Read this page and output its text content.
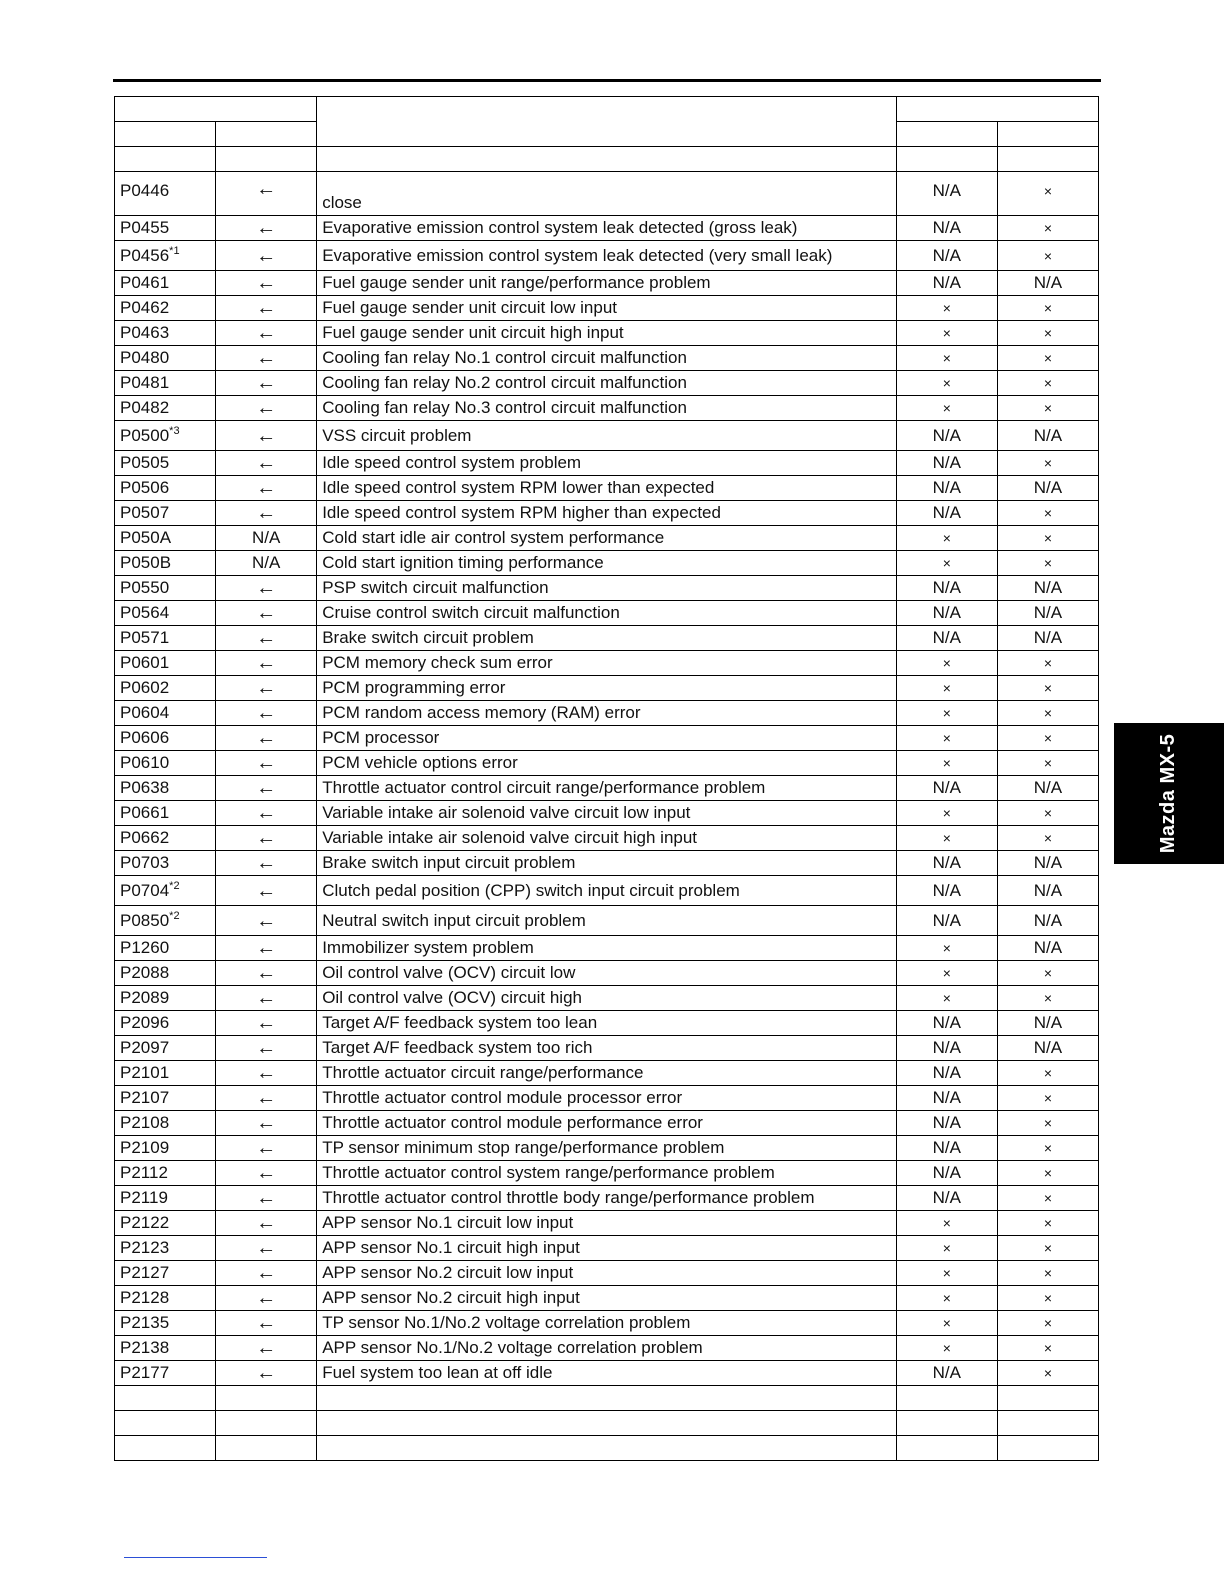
P0446	←	close	N/A	×
P0455	←	Evaporative emission control system leak detected (gross leak)	N/A	×
$P0456^{*1}$	←	Evaporative emission control system leak detected (very small leak)	N/A	×
P0461	←	Fuel gauge sender unit range/performance problem	N/A	N/A
P0462	←	Fuel gauge sender unit circuit low input	×	×
P0463	←	Fuel gauge sender unit circuit high input	×	×
P0480	←	Cooling fan relay No.1 control circuit malfunction	×	×
P0481	←	Cooling fan relay No.2 control circuit malfunction	×	×
P0482	←	Cooling fan relay No.3 control circuit malfunction	×	×
$P0500^{*3}$	←	VSS circuit problem	N/A	N/A
P0505	←	Idle speed control system problem	N/A	×
P0506	←	Idle speed control system RPM lower than expected	N/A	N/A
P0507	←	Idle speed control system RPM higher than expected	N/A	×
P050A	N/A	Cold start idle air control system performance	×	×
P050B	N/A	Cold start ignition timing performance	×	×
P0550	←	PSP switch circuit malfunction	N/A	N/A
P0564	←	Cruise control switch circuit malfunction	N/A	N/A
P0571	←	Brake switch circuit problem	N/A	N/A
P0601	←	PCM memory check sum error	×	×
P0602	←	PCM programming error	×	×
P0604	←	PCM random access memory (RAM) error	×	×
P0606	←	PCM processor	×	×
P0610	←	PCM vehicle options error	×	×
P0638	←	Throttle actuator control circuit range/performance problem	N/A	N/A
P0661	←	Variable intake air solenoid valve circuit low input	×	×
P0662	←	Variable intake air solenoid valve circuit high input	×	×
P0703	←	Brake switch input circuit problem	N/A	N/A
P0704$^{*2}$	←	Clutch pedal position (CPP) switch input circuit problem	N/A	N/A
P0850$^{*2}$	←	Neutral switch input circuit problem	N/A	N/A
P1260	←	Immobilizer system problem	×	N/A
P2088	←	Oil control valve (OCV) circuit low	×	×
P2089	←	Oil control valve (OCV) circuit high	×	×
P2096	←	Target A/F feedback system too lean	N/A	N/A
P2097	←	Target A/F feedback system too rich	N/A	N/A
P2101	←	Throttle actuator circuit range/performance	N/A	×
P2107	←	Throttle actuator control module processor error	N/A	×
P2108	←	Throttle actuator control module performance error	N/A	×
P2109	←	TP sensor minimum stop range/performance problem	N/A	×
P2112	←	Throttle actuator control system range/performance problem	N/A	×
P2119	←	Throttle actuator control throttle body range/performance problem	N/A	×
P2122	←	APP sensor No.1 circuit low input	×	×
P2123	←	APP sensor No.1 circuit high input	×	×
P2127	←	APP sensor No.2 circuit low input	×	×
P2128	←	APP sensor No.2 circuit high input	×	×
P2135	←	TP sensor No.1/No.2 voltage correlation problem	×	×
P2138	←	APP sensor No.1/No.2 voltage correlation problem	×	×
P2177	←	Fuel system too lean at off idle	N/A	×

Mazda MX-5
